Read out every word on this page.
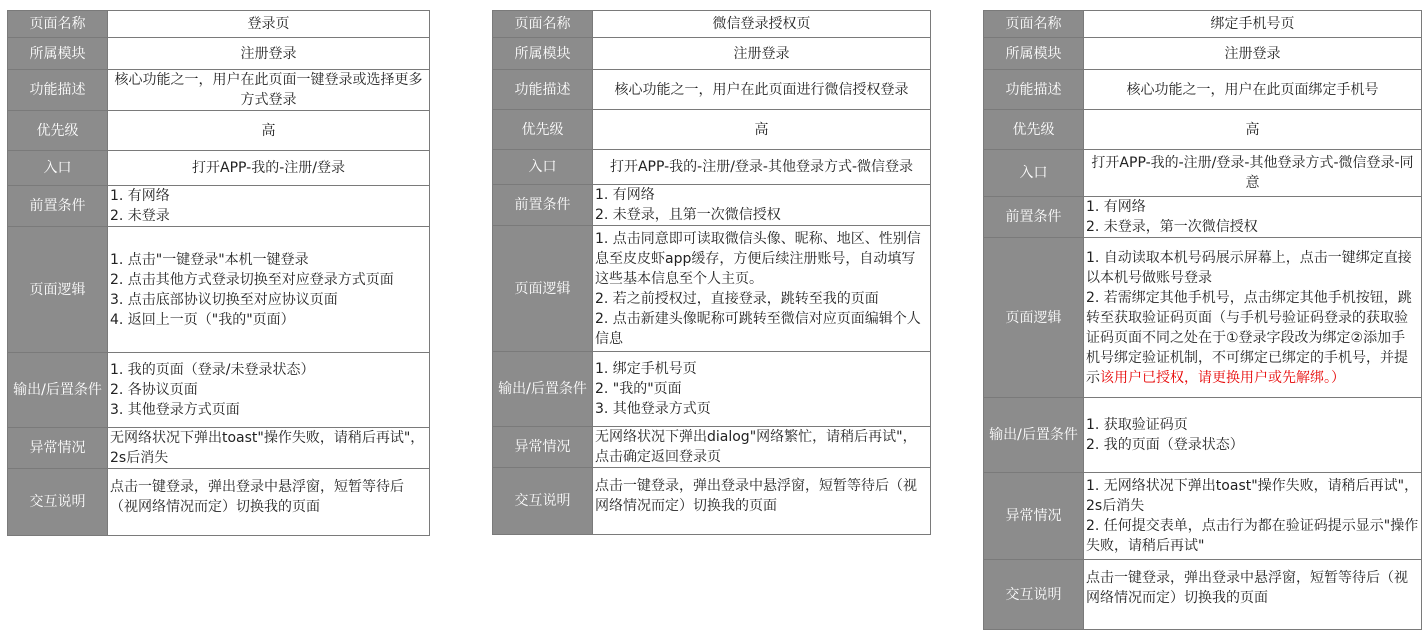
页面名称	登录页
所属模块	注册登录
功能描述	核心功能之一，用户在此页面一键登录或选择更多方式登录
优先级	高
入口	打开APP-我的-注册/登录
前置条件	1. 有网络
2. 未登录

页面逻辑	1. 点击"一键登录"本机一键登录
2. 点击其他方式登录切换至对应登录方式页面
3. 点击底部协议切换至对应协议页面
4. 返回上一页（"我的"页面）

输出/后置条件	1. 我的页面（登录/未登录状态）
2. 各协议页面
3. 其他登录方式页面

异常情况	无网络状况下弹出toast"操作失败，请稍后再试"，2s后消失
交互说明	点击一键登录，弹出登录中悬浮窗，短暂等待后（视网络情况而定）切换我的页面
页面名称	微信登录授权页
所属模块	注册登录
功能描述	核心功能之一，用户在此页面进行微信授权登录
优先级	高
入口	打开APP-我的-注册/登录-其他登录方式-微信登录
前置条件	1. 有网络
2. 未登录，且第一次微信授权

页面逻辑	1. 点击同意即可读取微信头像、昵称、地区、性别信息至皮皮虾app缓存，方便后续注册账号，自动填写这些基本信息至个人主页。
2. 若之前授权过，直接登录，跳转至我的页面
2. 点击新建头像昵称可跳转至微信对应页面编辑个人信息

输出/后置条件	1. 绑定手机号页
2. "我的"页面
3. 其他登录方式页

异常情况	无网络状况下弹出dialog"网络繁忙，请稍后再试"，点击确定返回登录页
交互说明	点击一键登录，弹出登录中悬浮窗，短暂等待后（视网络情况而定）切换我的页面
页面名称	绑定手机号页
所属模块	注册登录
功能描述	核心功能之一，用户在此页面绑定手机号
优先级	高
入口	打开APP-我的-注册/登录-其他登录方式-微信登录-同意
前置条件	1. 有网络
2. 未登录，第一次微信授权

页面逻辑	1. 自动读取本机号码展示屏幕上，点击一键绑定直接以本机号做账号登录
2. 若需绑定其他手机号，点击绑定其他手机按钮，跳转至获取验证码页面（与手机号验证码登录的获取验证码页面不同之处在于①登录字段改为绑定②添加手机号绑定验证机制，不可绑定已绑定的手机号，并提示该用户已授权，请更换用户或先解绑。）

输出/后置条件	1. 获取验证码页
2. 我的页面（登录状态）

异常情况	1. 无网络状况下弹出toast"操作失败，请稍后再试"，2s后消失
2. 任何提交表单，点击行为都在验证码提示显示"操作失败，请稍后再试"

交互说明	点击一键登录，弹出登录中悬浮窗，短暂等待后（视网络情况而定）切换我的页面
